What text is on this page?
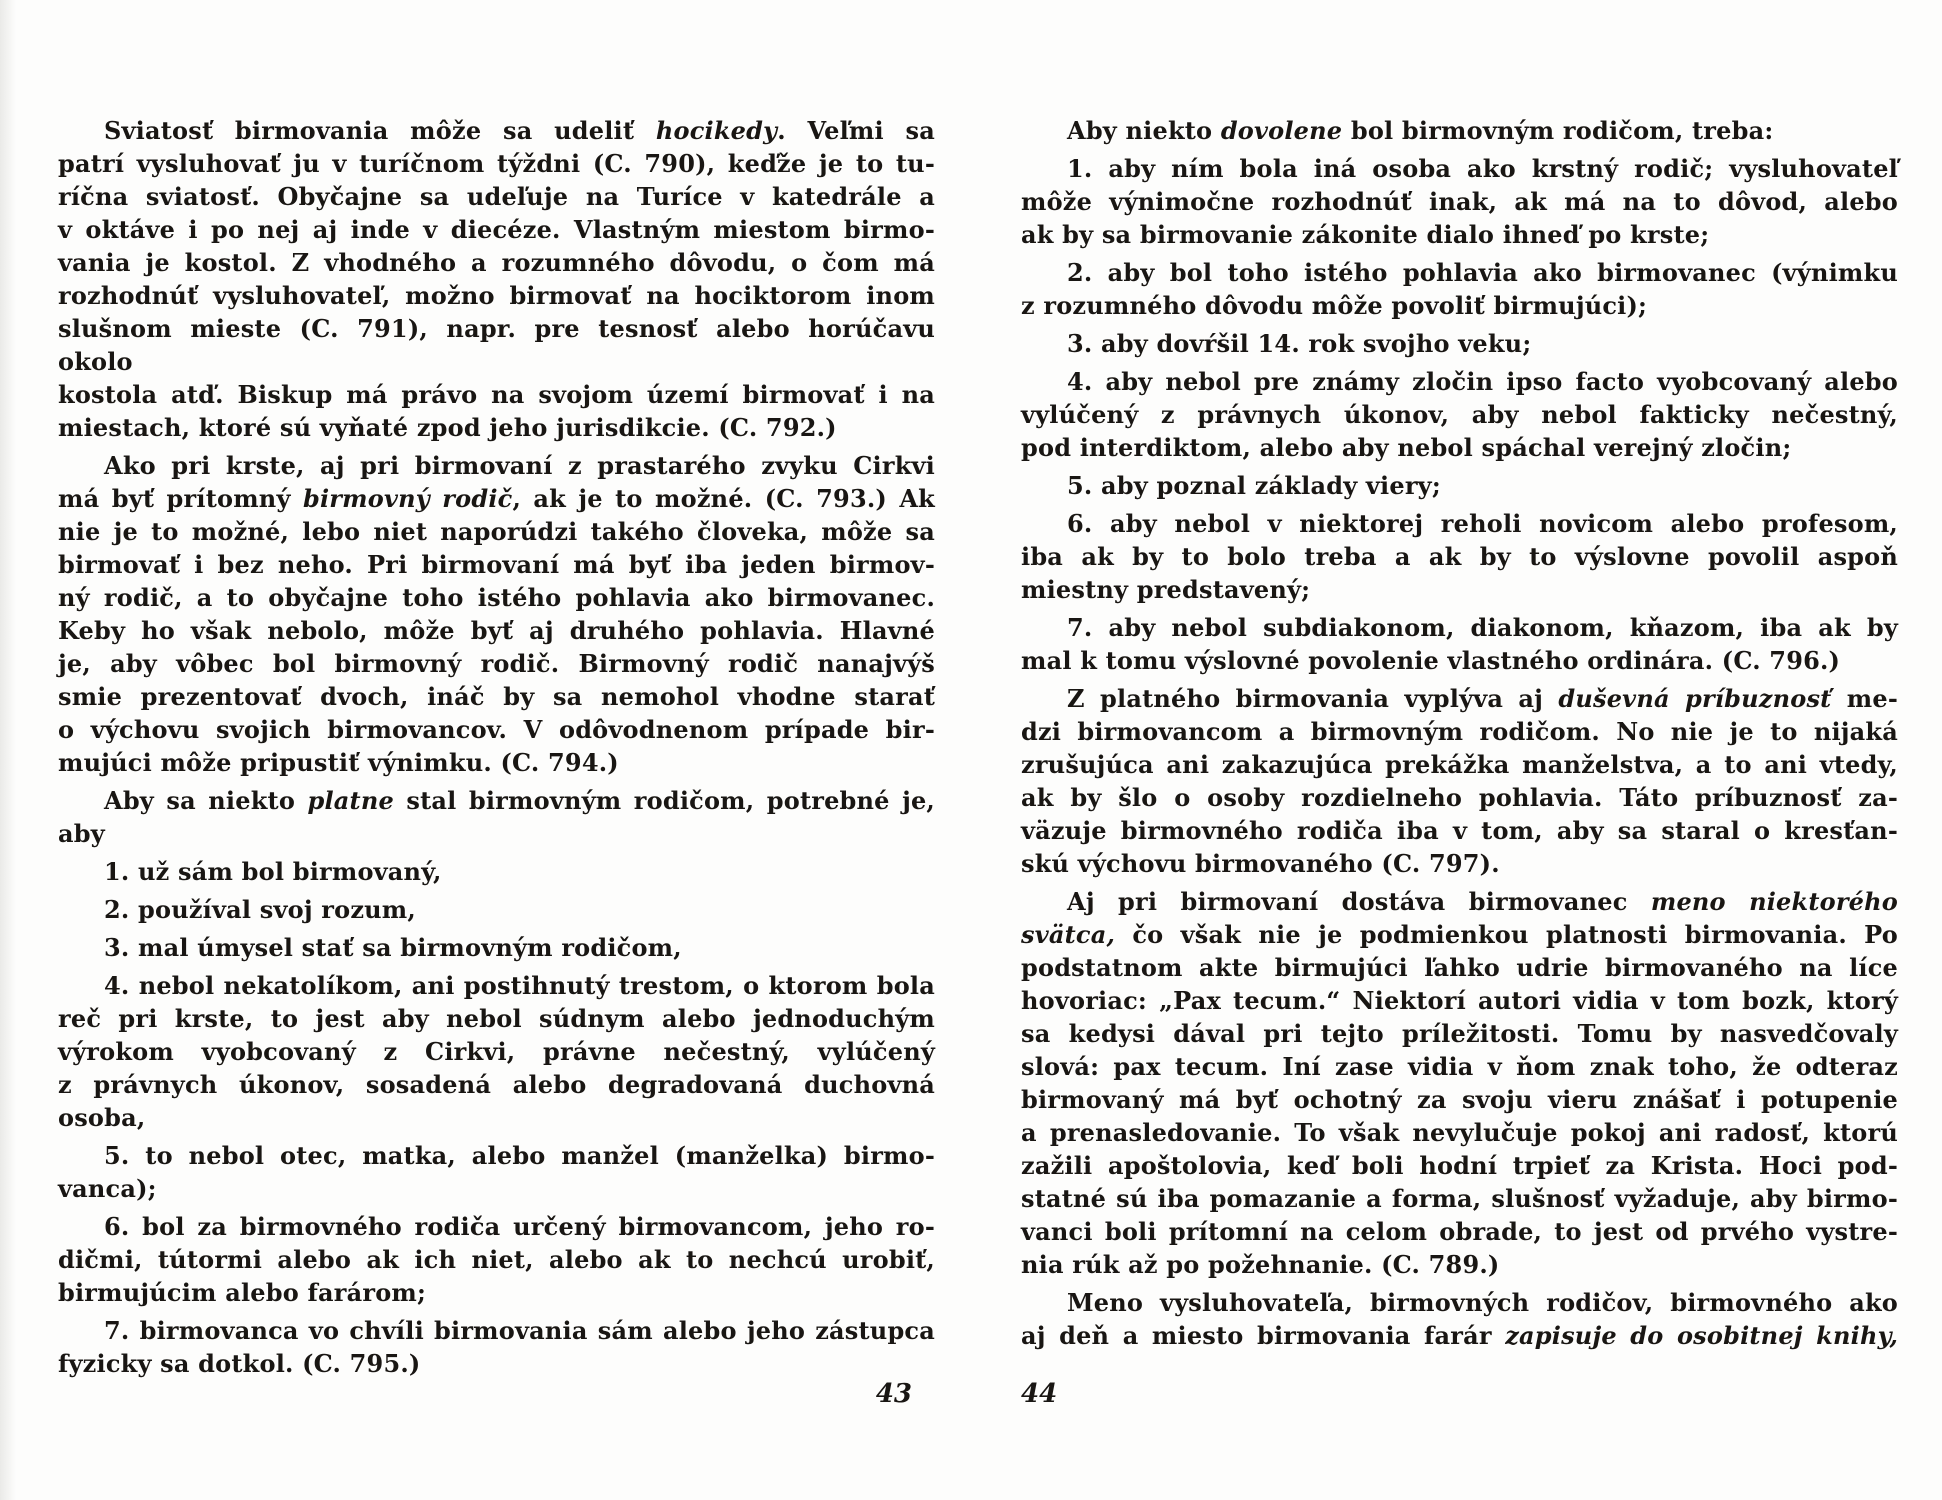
Sviatosť birmovania môže sa udeliť hocikedy. Veľmi sa
patrí vysluhovať ju v turíčnom týždni (C. 790), keďže je to tu-
ríčna sviatosť. Obyčajne sa udeľuje na Turíce v katedrále a
v oktáve i po nej aj inde v diecéze. Vlastným miestom birmo-
vania je kostol. Z vhodného a rozumného dôvodu, o čom má
rozhodnúť vysluhovateľ, možno birmovať na hociktorom inom
slušnom mieste (C. 791), napr. pre tesnosť alebo horúčavu okolo
kostola atď. Biskup má právo na svojom území birmovať i na
miestach, ktoré sú vyňaté zpod jeho jurisdikcie. (C. 792.)
Ako pri krste, aj pri birmovaní z prastarého zvyku Cirkvi
má byť prítomný birmovný rodič, ak je to možné. (C. 793.) Ak
nie je to možné, lebo niet naporúdzi takého človeka, môže sa
birmovať i bez neho. Pri birmovaní má byť iba jeden birmov-
ný rodič, a to obyčajne toho istého pohlavia ako birmovanec.
Keby ho však nebolo, môže byť aj druhého pohlavia. Hlavné
je, aby vôbec bol birmovný rodič. Birmovný rodič nanajvýš
smie prezentovať dvoch, ináč by sa nemohol vhodne starať
o výchovu svojich birmovancov. V odôvodnenom prípade bir-
mujúci môže pripustiť výnimku. (C. 794.)
Aby sa niekto platne stal birmovným rodičom, potrebné je,
aby
1. už sám bol birmovaný,
2. používal svoj rozum,
3. mal úmysel stať sa birmovným rodičom,
4. nebol nekatolíkom, ani postihnutý trestom, o ktorom bola
reč pri krste, to jest aby nebol súdnym alebo jednoduchým
výrokom vyobcovaný z Cirkvi, právne nečestný, vylúčený
z právnych úkonov, sosadená alebo degradovaná duchovná
osoba,
5. to nebol otec, matka, alebo manžel (manželka) birmo-
vanca);
6. bol za birmovného rodiča určený birmovancom, jeho ro-
dičmi, tútormi alebo ak ich niet, alebo ak to nechcú urobiť,
birmujúcim alebo farárom;
7. birmovanca vo chvíli birmovania sám alebo jeho zástupca
fyzicky sa dotkol. (C. 795.)
Aby niekto dovolene bol birmovným rodičom, treba:
1. aby ním bola iná osoba ako krstný rodič; vysluhovateľ
môže výnimočne rozhodnúť inak, ak má na to dôvod, alebo
ak by sa birmovanie zákonite dialo ihneď po krste;
2. aby bol toho istého pohlavia ako birmovanec (výnimku
z rozumného dôvodu môže povoliť birmujúci);
3. aby dovŕšil 14. rok svojho veku;
4. aby nebol pre známy zločin ipso facto vyobcovaný alebo
vylúčený z právnych úkonov, aby nebol fakticky nečestný,
pod interdiktom, alebo aby nebol spáchal verejný zločin;
5. aby poznal základy viery;
6. aby nebol v niektorej reholi novicom alebo profesom,
iba ak by to bolo treba a ak by to výslovne povolil aspoň
miestny predstavený;
7. aby nebol subdiakonom, diakonom, kňazom, iba ak by
mal k tomu výslovné povolenie vlastného ordinára. (C. 796.)
Z platného birmovania vyplýva aj duševná príbuznosť me-
dzi birmovancom a birmovným rodičom. No nie je to nijaká
zrušujúca ani zakazujúca prekážka manželstva, a to ani vtedy,
ak by šlo o osoby rozdielneho pohlavia. Táto príbuznosť za-
väzuje birmovného rodiča iba v tom, aby sa staral o kresťan-
skú výchovu birmovaného (C. 797).
Aj pri birmovaní dostáva birmovanec meno niektorého
svätca, čo však nie je podmienkou platnosti birmovania. Po
podstatnom akte birmujúci ľahko udrie birmovaného na líce
hovoriac: „Pax tecum.“ Niektorí autori vidia v tom bozk, ktorý
sa kedysi dával pri tejto príležitosti. Tomu by nasvedčovaly
slová: pax tecum. Iní zase vidia v ňom znak toho, že odteraz
birmovaný má byť ochotný za svoju vieru znášať i potupenie
a prenasledovanie. To však nevylučuje pokoj ani radosť, ktorú
zažili apoštolovia, keď boli hodní trpieť za Krista. Hoci pod-
statné sú iba pomazanie a forma, slušnosť vyžaduje, aby birmo-
vanci boli prítomní na celom obrade, to jest od prvého vystre-
nia rúk až po požehnanie. (C. 789.)
Meno vysluhovateľa, birmovných rodičov, birmovného ako
aj deň a miesto birmovania farár zapisuje do osobitnej knihy,
43	44
